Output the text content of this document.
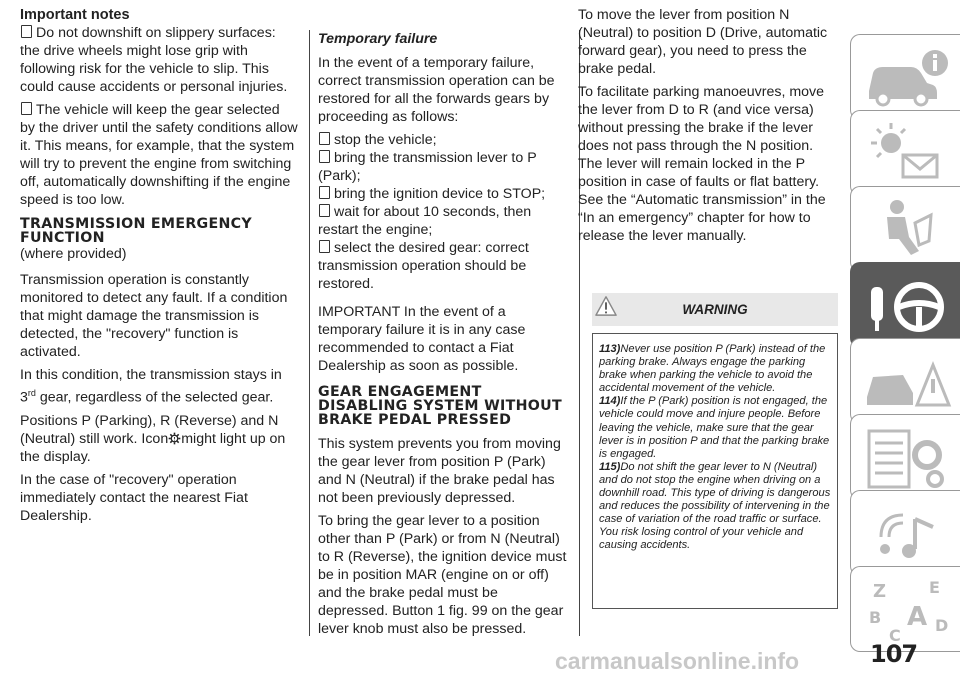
Important notes

Do not downshift on slippery surfaces: the drive wheels might lose grip with following risk for the vehicle to slip. This could cause accidents or personal injuries.

The vehicle will keep the gear selected by the driver until the safety conditions allow it. This means, for example, that the system will try to prevent the engine from switching off, automatically downshifting if the engine speed is too low.

TRANSMISSION EMERGENCY FUNCTION

(where provided)

Transmission operation is constantly monitored to detect any fault. If a condition that might damage the transmission is detected, the "recovery" function is activated.

In this condition, the transmission stays in 3rd gear, regardless of the selected gear.

Positions P (Parking), R (Reverse) and N (Neutral) still work. Icon ! might light up on the display.

In the case of "recovery" operation immediately contact the nearest Fiat Dealership.

Temporary failure

In the event of a temporary failure, correct transmission operation can be restored for all the forwards gears by proceeding as follows:

stop the vehicle;

bring the transmission lever to P (Park);

bring the ignition device to STOP;

wait for about 10 seconds, then restart the engine;

select the desired gear: correct transmission operation should be restored.

IMPORTANT In the event of a temporary failure it is in any case recommended to contact a Fiat Dealership as soon as possible.

GEAR ENGAGEMENT DISABLING SYSTEM WITHOUT BRAKE PEDAL PRESSED

This system prevents you from moving the gear lever from position P (Park) and N (Neutral) if the brake pedal has not been previously depressed.

To bring the gear lever to a position other than P (Park) or from N (Neutral) to R (Reverse), the ignition device must be in position MAR (engine on or off) and the brake pedal must be depressed. Button 1 fig. 99 on the gear lever knob must also be pressed.

To move the lever from position N (Neutral) to position D (Drive, automatic forward gear), you need to press the brake pedal.

To facilitate parking manoeuvres, move the lever from D to R (and vice versa) without pressing the brake if the lever does not pass through the N position. The lever will remain locked in the P position in case of faults or flat battery. See the “Automatic transmission” in the “In an emergency” chapter for how to release the lever manually.

WARNING

113)Never use position P (Park) instead of the parking brake. Always engage the parking brake when parking the vehicle to avoid the accidental movement of the vehicle.

114)If the P (Park) position is not engaged, the vehicle could move and injure people. Before leaving the vehicle, make sure that the gear lever is in position P and that the parking brake is engaged.

115)Do not shift the gear lever to N (Neutral) and do not stop the engine when driving on a downhill road. This type of driving is dangerous and reduces the possibility of intervening in the case of variation of the road traffic or surface. You risk losing control of your vehicle and causing accidents.

Z	E
B
C
A D
107
carmanualsonline.info
